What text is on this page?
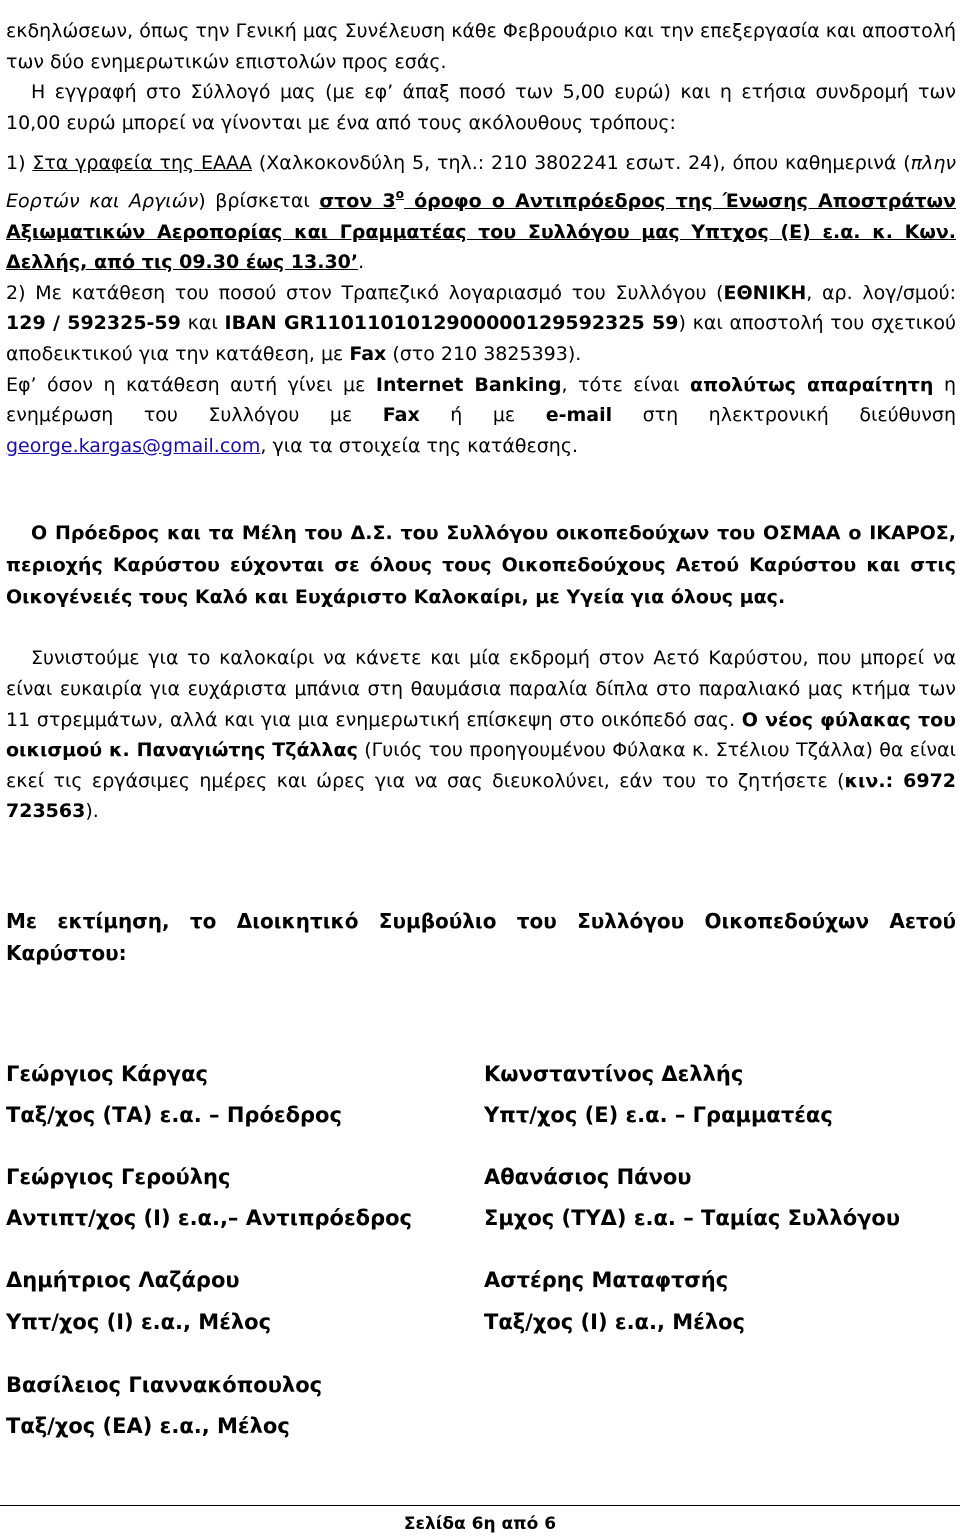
εκδηλώσεων, όπως την Γενική μας Συνέλευση κάθε Φεβρουάριο και την επεξεργασία και αποστολή των δύο ενημερωτικών επιστολών προς εσάς.

Η εγγραφή στο Σύλλογό μας (με εφ’ άπαξ ποσό των 5,00 ευρώ) και η ετήσια συνδρομή των 10,00 ευρώ μπορεί να γίνονται με ένα από τους ακόλουθους τρόπους:

1) Στα γραφεία της ΕΑΑΑ (Χαλκοκονδύλη 5, τηλ.: 210 3802241 εσωτ. 24), όπου καθημερινά (πλην Εορτών και Αργιών) βρίσκεται στον $3^o$ όροφο ο Αντιπρόεδρος της Ένωσης Αποστράτων Αξιωματικών Αεροπορίας και Γραμματέας του Συλλόγου μας Υπτχος (Ε) ε.α. κ. Κων. Δελλής, από τις 09.30 έως 13.30’.

2) Με κατάθεση του ποσού στον Τραπεζικό λογαριασμό του Συλλόγου (ΕΘΝΙΚΗ, αρ. λογ/σμού: 129 / 592325-59 και IBAN GR1101101012900000129592325 59) και αποστολή του σχετικού αποδεικτικού για την κατάθεση, με Fax (στο 210 3825393).

Εφ’ όσον η κατάθεση αυτή γίνει με Internet Banking, τότε είναι απολύτως απαραίτητη η ενημέρωση του Συλλόγου με Fax ή με e-mail στη ηλεκτρονική διεύθυνση george.kargas@gmail.com, για τα στοιχεία της κατάθεσης.

Ο Πρόεδρος και τα Μέλη του Δ.Σ. του Συλλόγου οικοπεδούχων του ΟΣΜΑΑ ο ΙΚΑΡΟΣ, περιοχής Καρύστου εύχονται σε όλους τους Οικοπεδούχους Αετού Καρύστου και στις Οικογένειές τους Καλό και Ευχάριστο Καλοκαίρι, με Υγεία για όλους μας.

Συνιστούμε για το καλοκαίρι να κάνετε και μία εκδρομή στον Αετό Καρύστου, που μπορεί να είναι ευκαιρία για ευχάριστα μπάνια στη θαυμάσια παραλία δίπλα στο παραλιακό μας κτήμα των 11 στρεμμάτων, αλλά και για μια ενημερωτική επίσκεψη στο οικόπεδό σας. Ο νέος φύλακας του οικισμού κ. Παναγιώτης Τζάλλας (Γυιός του προηγουμένου Φύλακα κ. Στέλιου Τζάλλα) θα είναι εκεί τις εργάσιμες ημέρες και ώρες για να σας διευκολύνει, εάν του το ζητήσετε (κιν.: 6972 723563).

Με εκτίμηση, το Διοικητικό Συμβούλιο του Συλλόγου Οικοπεδούχων Αετού Καρύστου:

Γεώργιος Κάργας
Ταξ/χος (ΤΑ) ε.α. – Πρόεδρος
Κωνσταντίνος Δελλής
Υπτ/χος (Ε) ε.α. – Γραμματέας
Γεώργιος Γερούλης
Αντιπτ/χος (Ι) ε.α.,– Αντιπρόεδρος
Αθανάσιος Πάνου
Σμχος (ΤΥΔ) ε.α. – Ταμίας Συλλόγου
Δημήτριος Λαζάρου
Υπτ/χος (Ι) ε.α., Μέλος
Αστέρης Ματαφτσής
Ταξ/χος (Ι) ε.α., Μέλος
Βασίλειος Γιαννακόπουλος
Ταξ/χος (ΕΑ) ε.α., Μέλος
Σελίδα 6η από 6
